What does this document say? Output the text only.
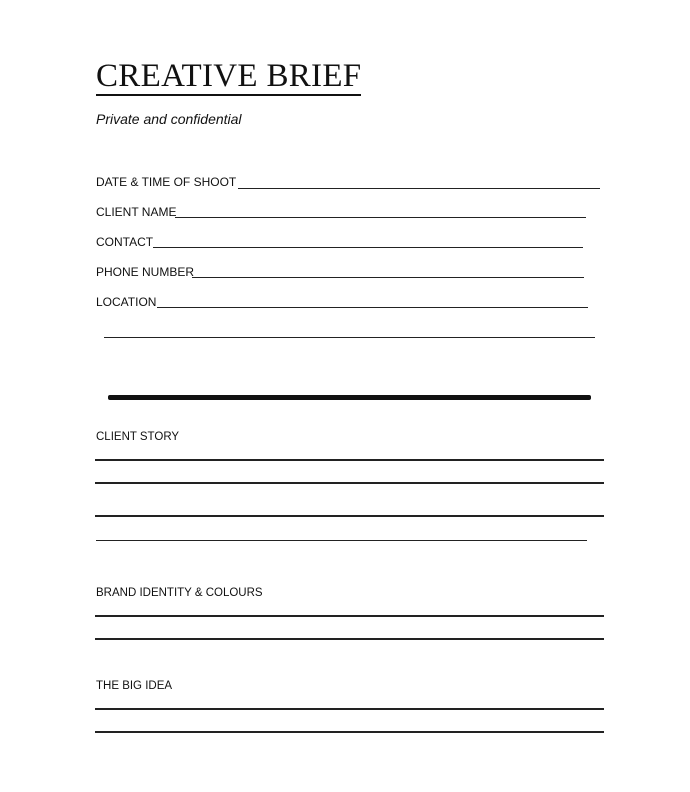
CREATIVE BRIEF
Private and confidential
DATE & TIME OF SHOOT
CLIENT NAME
CONTACT
PHONE NUMBER
LOCATION
CLIENT STORY
BRAND IDENTITY & COLOURS
THE BIG IDEA
